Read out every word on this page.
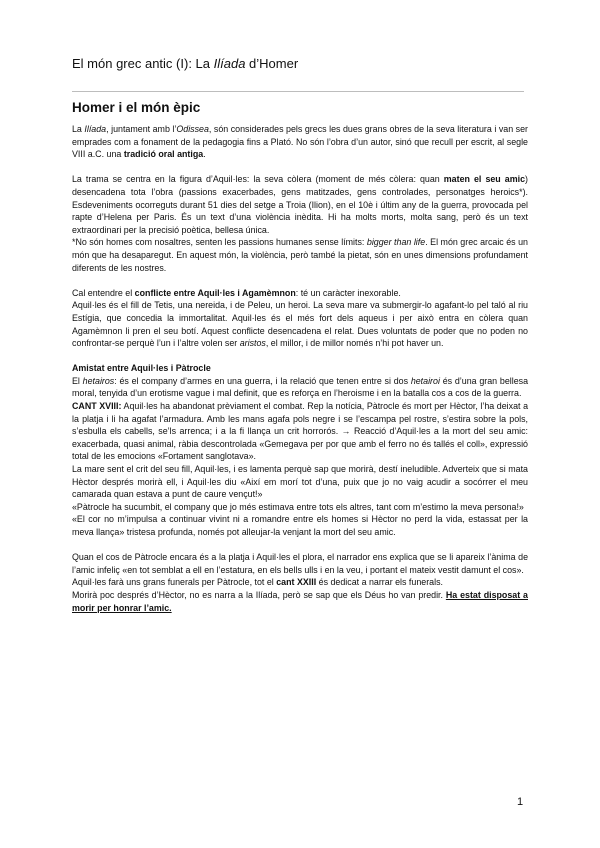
El món grec antic (I): La Ilíada d’Homer
Homer i el món èpic

La Ilíada, juntament amb l’Odissea, són considerades pels grecs les dues grans obres de la seva literatura i van ser emprades com a fonament de la pedagogia fins a Plató. No són l’obra d’un autor, sinó que recull per escrit, al segle VIII a.C. una tradició oral antiga.

La trama se centra en la figura d’Aquil·les: la seva còlera (moment de més còlera: quan maten el seu amic) desencadena tota l’obra (passions exacerbades, gens matitzades, gens controlades, personatges heroics*). Esdeveniments ocorreguts durant 51 dies del setge a Troia (Ilion), en el 10è i últim any de la guerra, provocada pel rapte d’Helena per Paris. És un text d’una violència inèdita. Hi ha molts morts, molta sang, però és un text extraordinari per la precisió poètica, bellesa única.

*No són homes com nosaltres, senten les passions humanes sense límits: bigger than life. El món grec arcaic és un món que ha desaparegut. En aquest món, la violència, però també la pietat, són en unes dimensions profundament diferents de les nostres.

Cal entendre el conflicte entre Aquil·les i Agamèmnon: té un caràcter inexorable.

Aquil·les és el fill de Tetis, una nereida, i de Peleu, un heroi. La seva mare va submergir-lo agafant-lo pel taló al riu Estígia, que concedia la immortalitat. Aquil·les és el més fort dels aqueus i per això entra en còlera quan Agamèmnon li pren el seu botí. Aquest conflicte desencadena el relat. Dues voluntats de poder que no poden no confrontar-se perquè l’un i l’altre volen ser aristos, el millor, i de millor només n’hi pot haver un.

Amistat entre Aquil·les i Pàtrocle

El hetairos: és el company d’armes en una guerra, i la relació que tenen entre si dos hetairoi és d’una gran bellesa moral, tenyida d’un erotisme vague i mal definit, que es reforça en l’heroisme i en la batalla cos a cos de la guerra.

CANT XVIII: Aquil·les ha abandonat prèviament el combat. Rep la notícia, Pàtrocle és mort per Hèctor, l’ha deixat a la platja i li ha agafat l’armadura. Amb les mans agafa pols negre i se l’escampa pel rostre, s’estira sobre la pols, s’esbulla els cabells, se’ls arrenca; i a la fi llança un crit horrorós. → Reacció d’Aquil·les a la mort del seu amic: exacerbada, quasi animal, ràbia descontrolada «Gemegava per por que amb el ferro no és tallés el coll», expressió total de les emocions «Fortament sanglotava».

La mare sent el crit del seu fill, Aquil·les, i es lamenta perquè sap que morirà, destí ineludible. Adverteix que si mata Hèctor després morirà ell, i Aquil·les diu «Així em morí tot d’una, puix que jo no vaig acudir a socórrer el meu camarada quan estava a punt de caure vençut!»

«Pàtrocle ha sucumbit, el company que jo més estimava entre tots els altres, tant com m’estimo la meva persona!»

«El cor no m’impulsa a continuar vivint ni a romandre entre els homes si Hèctor no perd la vida, estassat per la meva llança» tristesa profunda, només pot alleujar-la venjant la mort del seu amic.

Quan el cos de Pàtrocle encara és a la platja i Aquil·les el plora, el narrador ens explica que se li apareix l’ànima de l’amic infeliç «en tot semblat a ell en l’estatura, en els bells ulls i en la veu, i portant el mateix vestit damunt el cos».

Aquil·les farà uns grans funerals per Pàtrocle, tot el cant XXIII és dedicat a narrar els funerals.

Morirà poc després d’Hèctor, no es narra a la Ilíada, però se sap que els Déus ho van predir. Ha estat disposat a morir per honrar l’amic.

1
